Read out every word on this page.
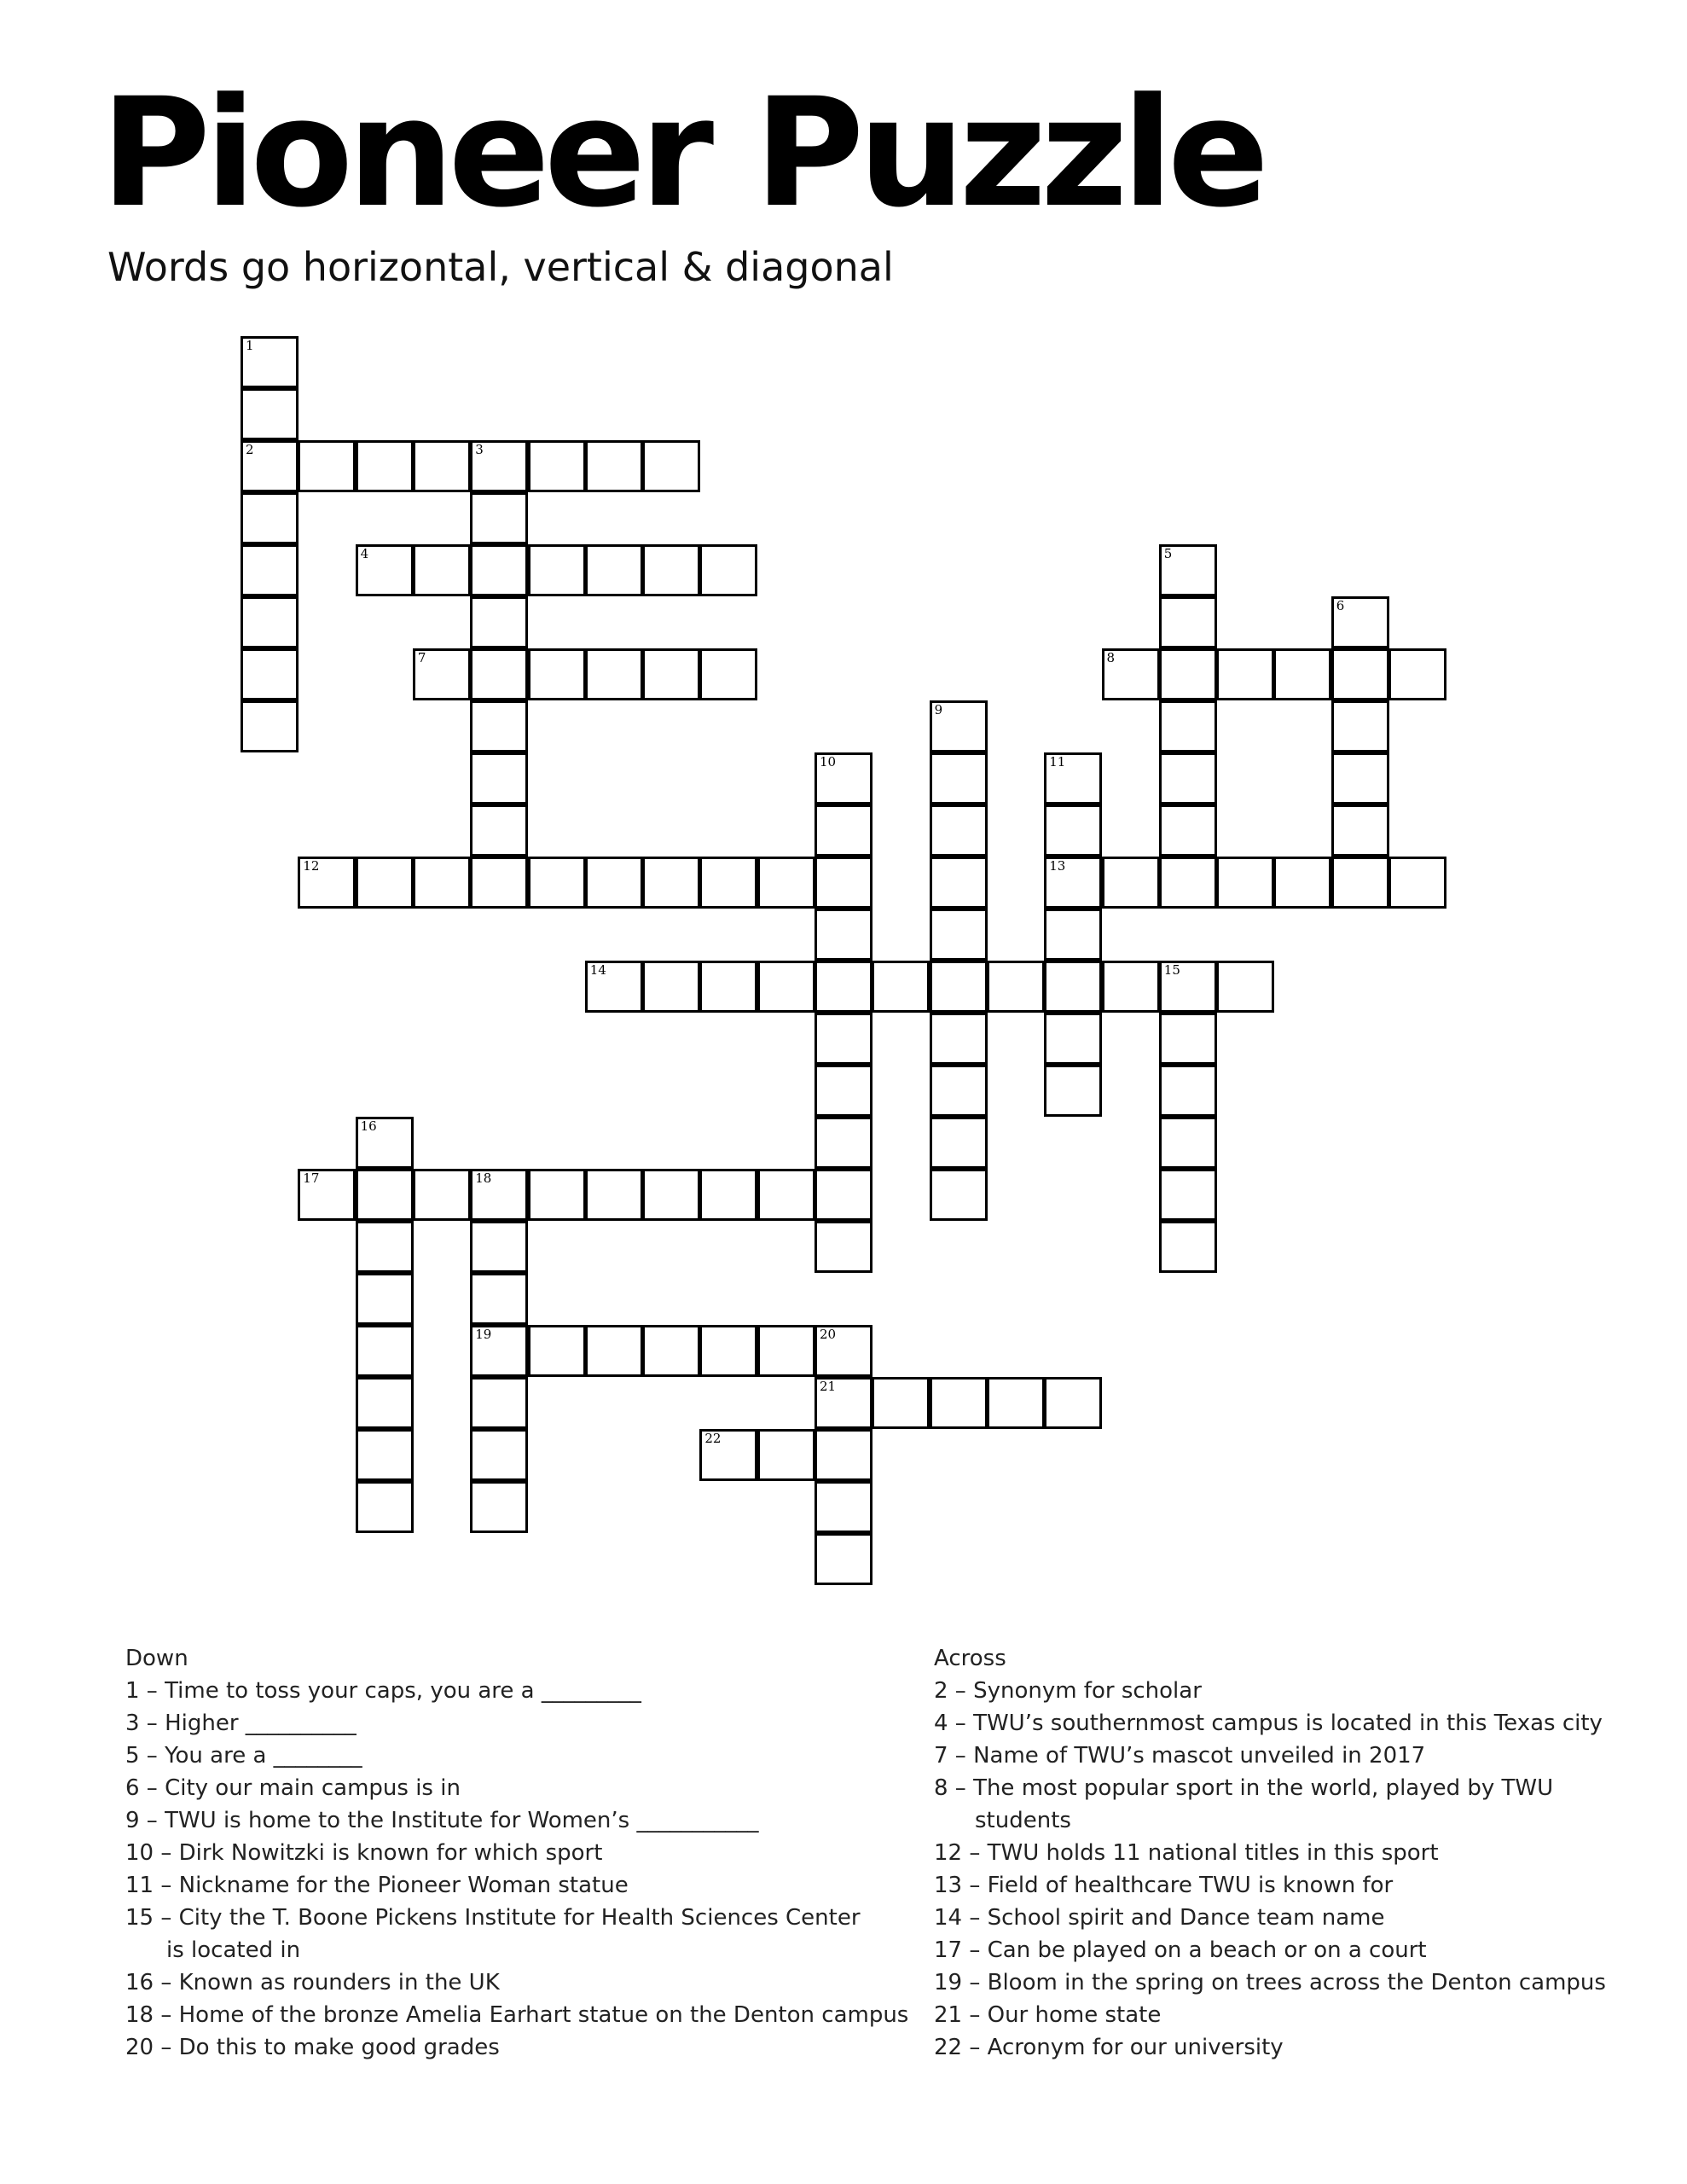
Pioneer Puzzle

Words go horizontal, vertical & diagonal

1
2	3
4	5
6
7	8
9
10	11
13
12
14	15
16
17	18
19	20
21
22
Down
1 – Time to toss your caps, you are a _________
3 – Higher __________
5 – You are a ________
6 – City our main campus is in
9 – TWU is home to the Institute for Women’s ___________
10 – Dirk Nowitzki is known for which sport
11 – Nickname for the Pioneer Woman statue
15 – City the T. Boone Pickens Institute for Health Sciences Center is located in
16 – Known as rounders in the UK
18 – Home of the bronze Amelia Earhart statue on the Denton campus
20 – Do this to make good grades
Across
2 – Synonym for scholar
4 – TWU’s southernmost campus is located in this Texas city
7 – Name of TWU’s mascot unveiled in 2017
8 – The most popular sport in the world, played by TWU students
12 – TWU holds 11 national titles in this sport
13 – Field of healthcare TWU is known for
14 – School spirit and Dance team name
17 – Can be played on a beach or on a court
19 – Bloom in the spring on trees across the Denton campus
21 – Our home state
22 – Acronym for our university
